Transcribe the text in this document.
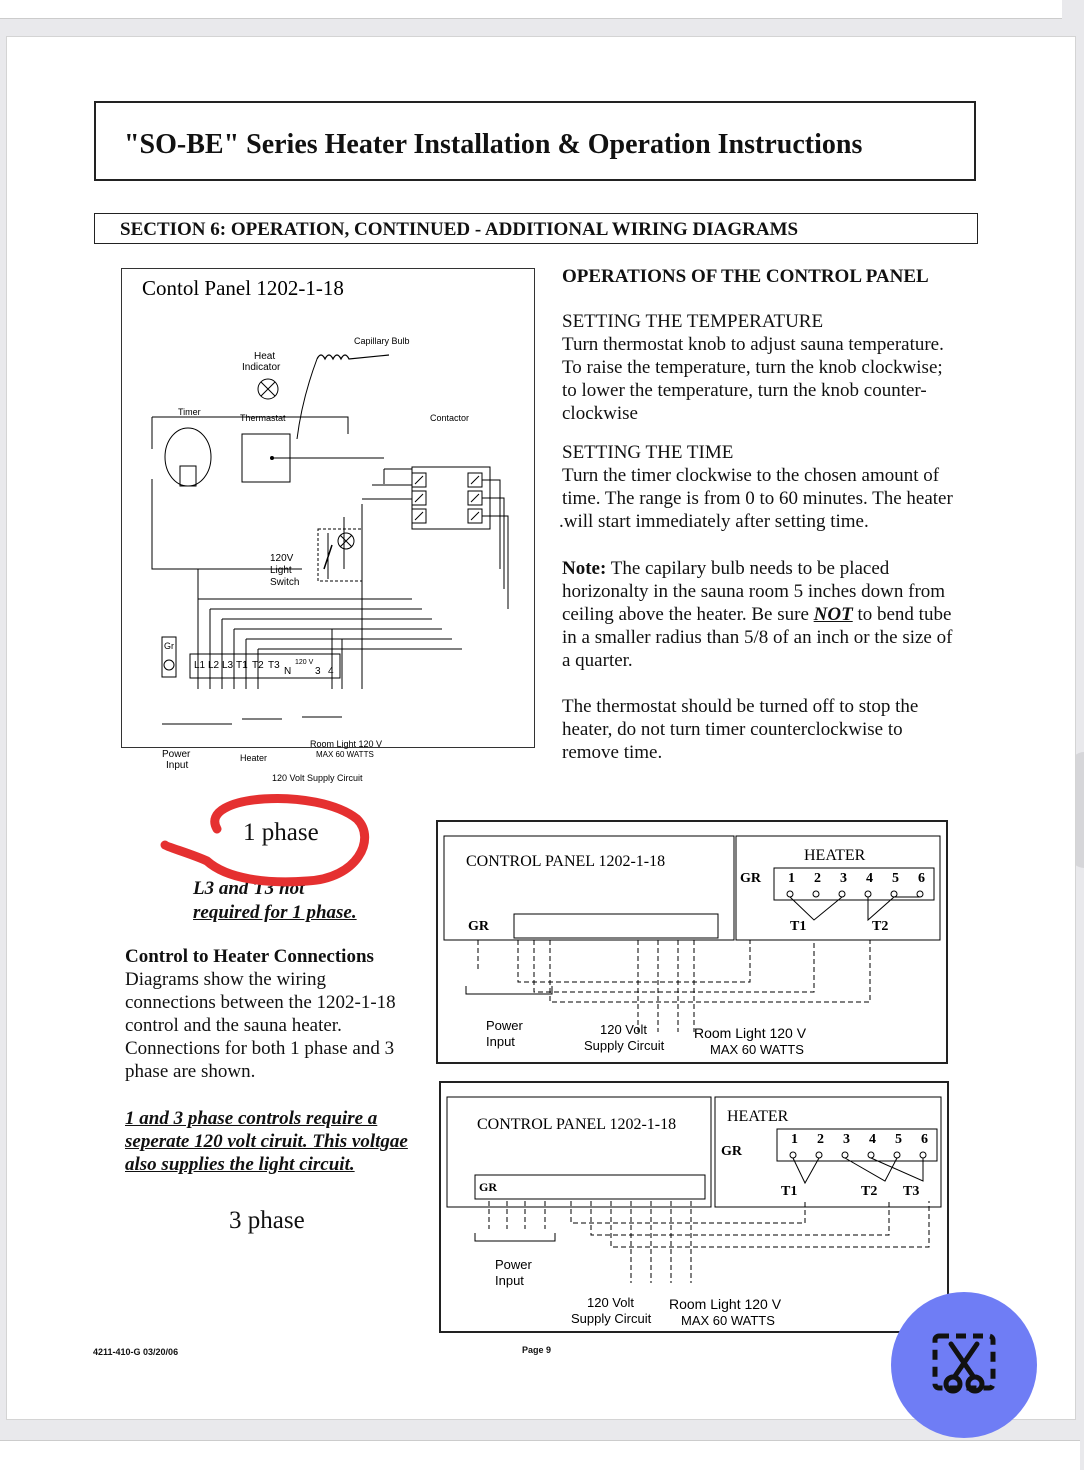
"SO-BE" Series Heater Installation & Operation Instructions
SECTION 6: OPERATION, CONTINUED - ADDITIONAL WIRING DIAGRAMS
Contol Panel 1202-1-18
Capillary Bulb
Heat
Indicator
Timer
Thermastat	Contactor
120V
Light
Switch
Gr
L1 L2 L3 T1 T2 T3
N
120 V
3 4
Power
Input
Heater
Room Light 120 V
MAX 60 WATTS
120 Volt Supply Circuit
OPERATIONS OF THE CONTROL PANEL
SETTING THE TEMPERATURE
Turn thermostat knob to adjust sauna temperature.
To raise the temperature, turn the knob clockwise;
to lower the temperature, turn the knob counter-
clockwise
SETTING THE TIME
Turn the timer clockwise to the chosen amount of
time. The range is from 0 to 60 minutes. The heater
.will start immediately after setting time.
Note: The capilary bulb needs to be placed
horizonalty in the sauna room 5 inches down from
ceiling above the heater. Be sure NOT to bend tube
in a smaller radius than 5/8 of an inch or the size of
a quarter.
The thermostat should be turned off to stop the
heater, do not turn timer counterclockwise to
remove time.
1 phase
L3 and T3 not
required for 1 phase.
Control to Heater Connections
Diagrams show the wiring
connections between the 1202-1-18
control and the sauna heater.
Connections for both 1 phase and 3
phase are shown.
1 and 3 phase controls require a
seperate 120 volt ciruit. This voltgae
also supplies the light circuit.
3 phase
CONTROL PANEL 1202-1-18	HEATER
GR 1 2 3 4 5 6
T1	T2
GR
Power
Input
120 Volt
Supply Circuit
Room Light 120 V
MAX 60 WATTS
CONTROL PANEL 1202-1-18	HEATER
GR
1 2 3 4 5 6
T1	T2 T3
GR
Power
Input
120 Volt
Supply Circuit
Room Light 120 V
MAX 60 WATTS
4211-410-G 03/20/06	Page 9
